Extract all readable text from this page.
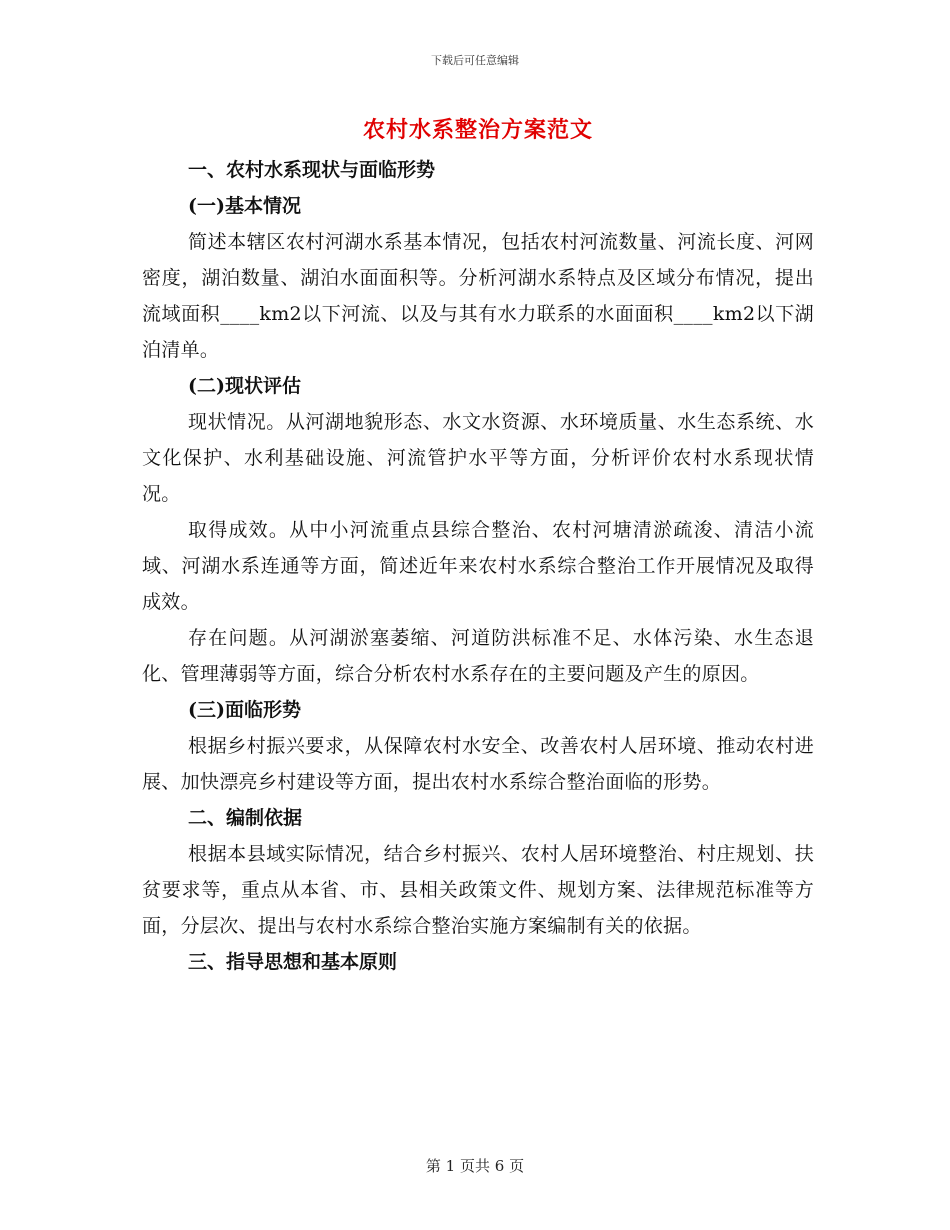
下载后可任意编辑
农村水系整治方案范文

一、农村水系现状与面临形势

(一)基本情况

简述本辖区农村河湖水系基本情况，包括农村河流数量、河流长度、河网密度，湖泊数量、湖泊水面面积等。分析河湖水系特点及区域分布情况，提出流域面积____km2以下河流、以及与其有水力联系的水面面积____km2以下湖泊清单。

(二)现状评估

现状情况。从河湖地貌形态、水文水资源、水环境质量、水生态系统、水文化保护、水利基础设施、河流管护水平等方面，分析评价农村水系现状情况。

取得成效。从中小河流重点县综合整治、农村河塘清淤疏浚、清洁小流域、河湖水系连通等方面，简述近年来农村水系综合整治工作开展情况及取得成效。

存在问题。从河湖淤塞萎缩、河道防洪标准不足、水体污染、水生态退化、管理薄弱等方面，综合分析农村水系存在的主要问题及产生的原因。

(三)面临形势

根据乡村振兴要求，从保障农村水安全、改善农村人居环境、推动农村进展、加快漂亮乡村建设等方面，提出农村水系综合整治面临的形势。

二、编制依据

根据本县域实际情况，结合乡村振兴、农村人居环境整治、村庄规划、扶贫要求等，重点从本省、市、县相关政策文件、规划方案、法律规范标准等方面，分层次、提出与农村水系综合整治实施方案编制有关的依据。

三、指导思想和基本原则

第 1 页共 6 页
